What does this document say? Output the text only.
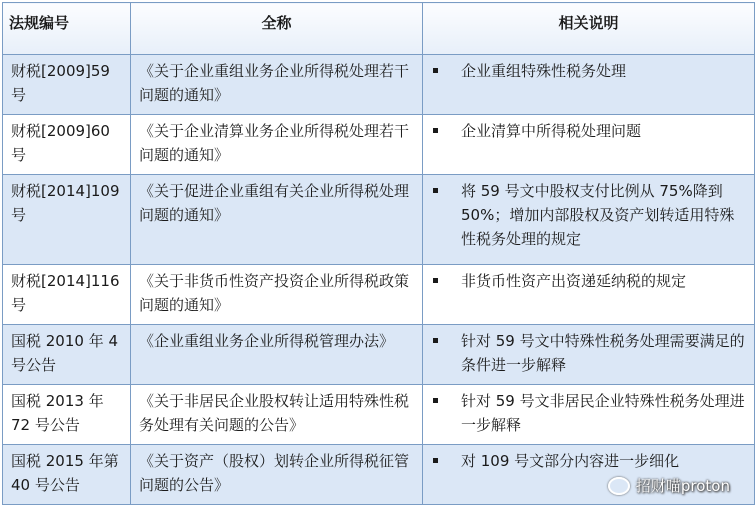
法规编号	全称	相关说明
财税[2009]59号	《关于企业重组业务企业所得税处理若干问题的通知》	企业重组特殊性税务处理

财税[2009]60号	《关于企业清算业务企业所得税处理若干问题的通知》	企业清算中所得税处理问题

财税[2014]109号	《关于促进企业重组有关企业所得税处理问题的通知》	将 59 号文中股权支付比例从 75%降到50%；增加内部股权及资产划转适用特殊性税务处理的规定

财税[2014]116号	《关于非货币性资产投资企业所得税政策问题的通知》	非货币性资产出资递延纳税的规定

国税 2010 年 4 号公告	《企业重组业务企业所得税管理办法》	针对 59 号文中特殊性税务处理需要满足的条件进一步解释

国税 2013 年 72 号公告	《关于非居民企业股权转让适用特殊性税务处理有关问题的公告》	针对 59 号文非居民企业特殊性税务处理进一步解释

国税 2015 年第 40 号公告	《关于资产（股权）划转企业所得税征管问题的公告》	对 109 号文部分内容进一步细化
招财喵proton
